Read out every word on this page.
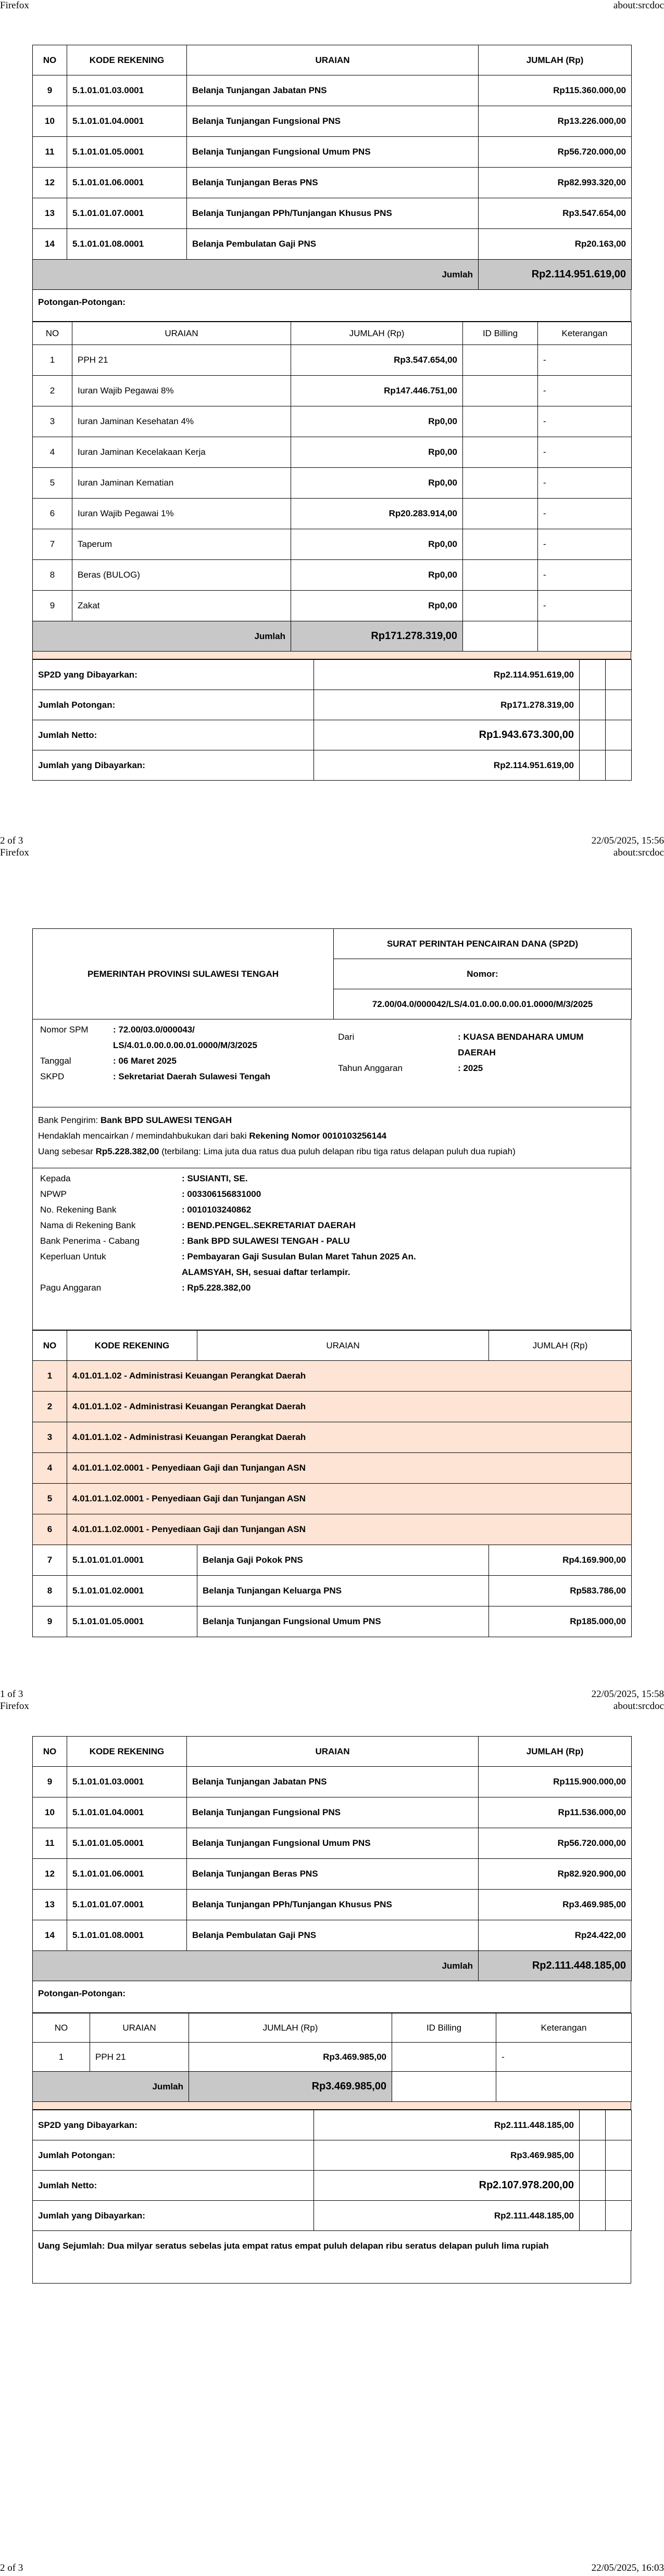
Firefox	about:srcdoc
NO	KODE REKENING	URAIAN	JUMLAH (Rp)
9	5.1.01.01.03.0001	Belanja Tunjangan Jabatan PNS	Rp115.360.000,00
10	5.1.01.01.04.0001	Belanja Tunjangan Fungsional PNS	Rp13.226.000,00
11	5.1.01.01.05.0001	Belanja Tunjangan Fungsional Umum PNS	Rp56.720.000,00
12	5.1.01.01.06.0001	Belanja Tunjangan Beras PNS	Rp82.993.320,00
13	5.1.01.01.07.0001	Belanja Tunjangan PPh/Tunjangan Khusus PNS	Rp3.547.654,00
14	5.1.01.01.08.0001	Belanja Pembulatan Gaji PNS	Rp20.163,00
Jumlah			Rp2.114.951.619,00
Potongan-Potongan:
NO	URAIAN	JUMLAH (Rp)	ID Billing	Keterangan
1	PPH 21	Rp3.547.654,00		-
2	Iuran Wajib Pegawai 8%	Rp147.446.751,00		-
3	Iuran Jaminan Kesehatan 4%	Rp0,00		-
4	Iuran Jaminan Kecelakaan Kerja	Rp0,00		-
5	Iuran Jaminan Kematian	Rp0,00		-
6	Iuran Wajib Pegawai 1%	Rp20.283.914,00		-
7	Taperum	Rp0,00		-
8	Beras (BULOG)	Rp0,00		-
9	Zakat	Rp0,00		-
Jumlah		Rp171.278.319,00		
SP2D yang Dibayarkan:	Rp2.114.951.619,00		
Jumlah Potongan:	Rp171.278.319,00		
Jumlah Netto:	Rp1.943.673.300,00		
Jumlah yang Dibayarkan:	Rp2.114.951.619,00		
2 of 3	22/05/2025, 15:56
Firefox	about:srcdoc
PEMERINTAH PROVINSI SULAWESI TENGAH	SURAT PERINTAH PENCAIRAN DANA (SP2D)
Nomor:
72.00/04.0/000042/LS/4.01.0.00.0.00.01.0000/M/3/2025
Nomor SPM	: 72.00/03.0/000043/
	LS/4.01.0.00.0.00.01.0000/M/3/2025
Tanggal	: 06 Maret 2025
SKPD	: Sekretariat Daerah Sulawesi Tengah
Dari	: KUASA BENDAHARA UMUM
	DAERAH
Tahun Anggaran	: 2025
Bank Pengirim: Bank BPD SULAWESI TENGAH
Hendaklah mencairkan / memindahbukukan dari baki Rekening Nomor 0010103256144
Uang sebesar Rp5.228.382,00 (terbilang: Lima juta dua ratus dua puluh delapan ribu tiga ratus delapan puluh dua rupiah)
Kepada	: SUSIANTI, SE.
NPWP	: 003306156831000
No. Rekening Bank	: 0010103240862
Nama di Rekening Bank	: BEND.PENGEL.SEKRETARIAT DAERAH
Bank Penerima - Cabang	: Bank BPD SULAWESI TENGAH - PALU
Keperluan Untuk	: Pembayaran Gaji Susulan Bulan Maret Tahun 2025 An.
	ALAMSYAH, SH, sesuai daftar terlampir.
Pagu Anggaran	: Rp5.228.382,00
NO	KODE REKENING	URAIAN	JUMLAH (Rp)
1	4.01.01.1.02 - Administrasi Keuangan Perangkat Daerah		
2	4.01.01.1.02 - Administrasi Keuangan Perangkat Daerah		
3	4.01.01.1.02 - Administrasi Keuangan Perangkat Daerah		
4	4.01.01.1.02.0001 - Penyediaan Gaji dan Tunjangan ASN		
5	4.01.01.1.02.0001 - Penyediaan Gaji dan Tunjangan ASN		
6	4.01.01.1.02.0001 - Penyediaan Gaji dan Tunjangan ASN		
7	5.1.01.01.01.0001	Belanja Gaji Pokok PNS	Rp4.169.900,00
8	5.1.01.01.02.0001	Belanja Tunjangan Keluarga PNS	Rp583.786,00
9	5.1.01.01.05.0001	Belanja Tunjangan Fungsional Umum PNS	Rp185.000,00
1 of 3	22/05/2025, 15:58
Firefox	about:srcdoc
NO	KODE REKENING	URAIAN	JUMLAH (Rp)
9	5.1.01.01.03.0001	Belanja Tunjangan Jabatan PNS	Rp115.900.000,00
10	5.1.01.01.04.0001	Belanja Tunjangan Fungsional PNS	Rp11.536.000,00
11	5.1.01.01.05.0001	Belanja Tunjangan Fungsional Umum PNS	Rp56.720.000,00
12	5.1.01.01.06.0001	Belanja Tunjangan Beras PNS	Rp82.920.900,00
13	5.1.01.01.07.0001	Belanja Tunjangan PPh/Tunjangan Khusus PNS	Rp3.469.985,00
14	5.1.01.01.08.0001	Belanja Pembulatan Gaji PNS	Rp24.422,00
Jumlah			Rp2.111.448.185,00
Potongan-Potongan:
NO	URAIAN	JUMLAH (Rp)	ID Billing	Keterangan
1	PPH 21	Rp3.469.985,00		-
Jumlah		Rp3.469.985,00		
SP2D yang Dibayarkan:	Rp2.111.448.185,00		
Jumlah Potongan:	Rp3.469.985,00		
Jumlah Netto:	Rp2.107.978.200,00		
Jumlah yang Dibayarkan:	Rp2.111.448.185,00		
Uang Sejumlah: Dua milyar seratus sebelas juta empat ratus empat puluh delapan ribu seratus delapan puluh lima rupiah
2 of 3	22/05/2025, 16:03
